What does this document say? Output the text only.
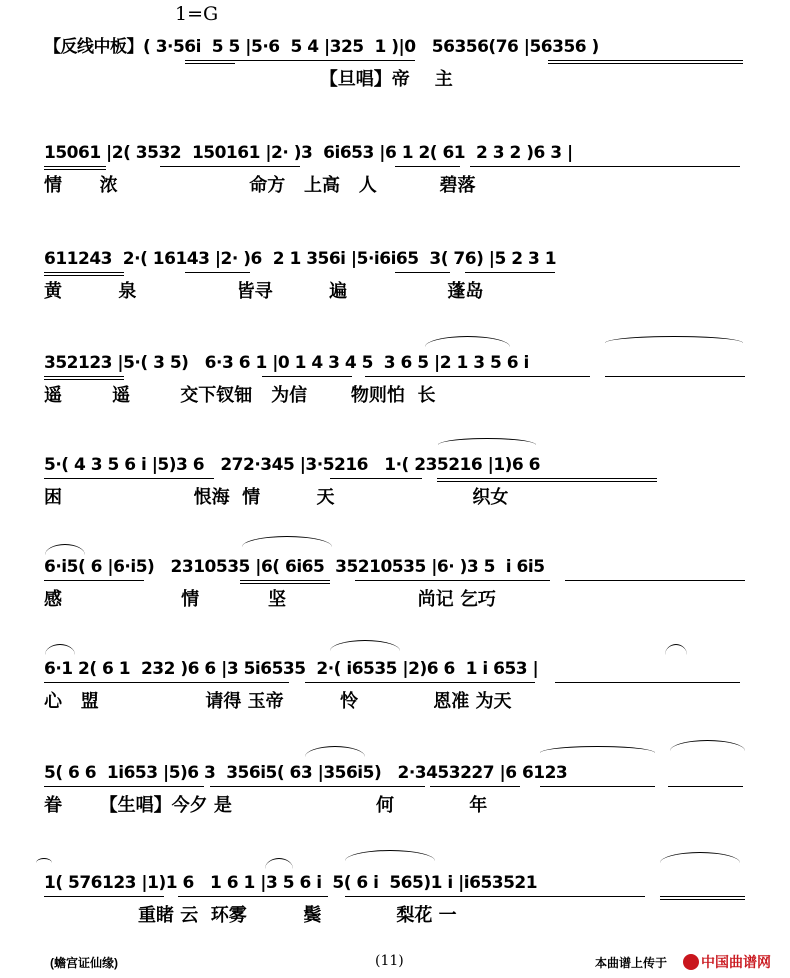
1=G
【反线中板】( 3·56i  5 5 |5·6  5 4 |325  1 )|0   56356(76 |56356 )
【旦唱】帝    主
15061 |2( 3532  150161 |2· )3  6i653 |6 1 2( 61  2 3 2 )6 3 |
情      浓                     命方   上高   人          碧落
611243  2·( 16143 |2· )6  2 1 356i |5·i6i65  3( 76) |5 2 3 1
黄         泉                皆寻         遍                蓬岛
352123 |5·( 3 5)   6·3 6 1 |0 1 4 3 4 5  3 6 5 |2 1 3 5 6 i
遥        遥        交下钗钿   为信       物则怕  长
5·( 4 3 5 6 i |5)3 6   272·345 |3·5216   1·( 235216 |1)6 6
困                     恨海  情         天                      织女
6·i5( 6 |6·i5)   2310535 |6( 6i65  35210535 |6· )3 5  i 6i5
感                   情           坚                     尚记 乞巧
6·1 2( 6 1  232 )6 6 |3 5i6535  2·( i6535 |2)6 6  1 i 653 |
心   盟                 请得 玉帝         怜            恩准 为天
5( 6 6  1i653 |5)6 3  356i5( 63 |356i5)   2·3453227 |6 6123
眷      【生唱】今夕 是                       何            年
1( 576123 |1)1 6   1 6 1 |3 5 6 i  5( 6 i  565)1 i |i653521
重睹 云  环雾         鬓            梨花 一
(蟾宫证仙缘)	(11)	本曲谱上传于	中国曲谱网
